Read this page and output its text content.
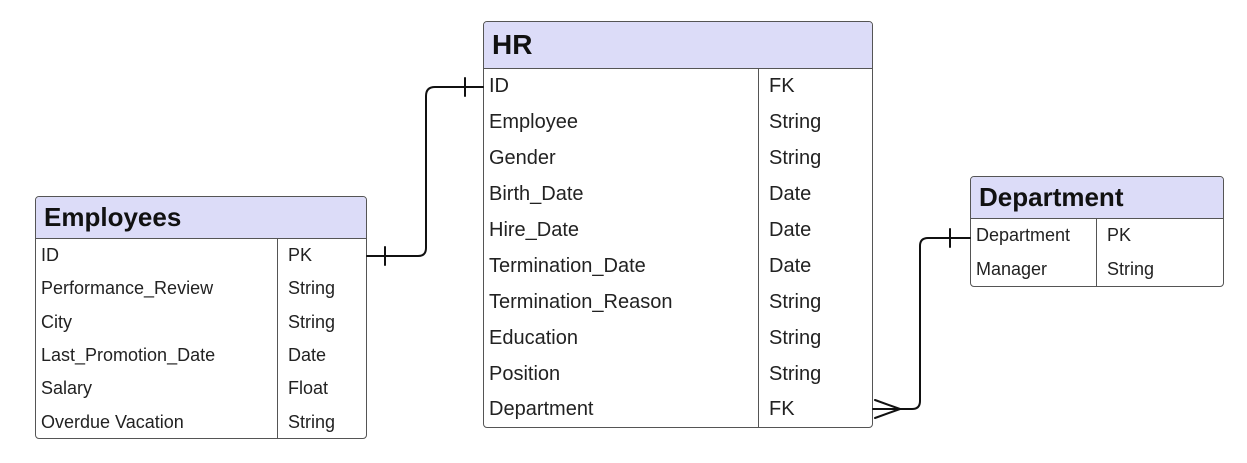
Employees
ID	PK
Performance_Review	String
City	String
Last_Promotion_Date	Date
Salary	Float
Overdue Vacation	String
HR
ID	FK
Employee	String
Gender	String
Birth_Date	Date
Hire_Date	Date
Termination_Date	Date
Termination_Reason	String
Education	String
Position	String
Department	FK
Department
Department	PK
Manager	String
